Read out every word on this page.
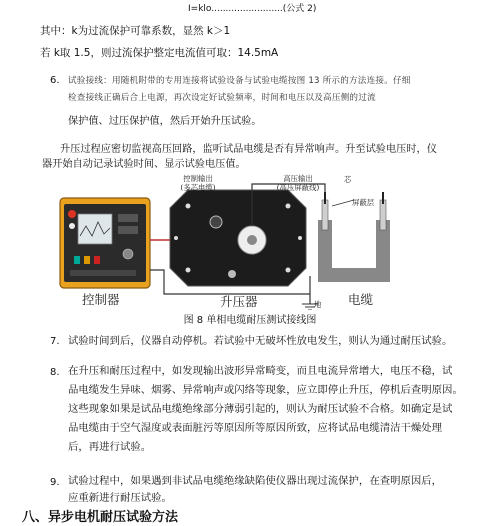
I=klo.........................(公式 2)
其中：k为过流保护可靠系数，显然 k＞1
若 k取 1.5，则过流保护整定电流值可取：14.5mA
6. 试验接线：用随机附带的专用连接将试验设备与试验电缆按图 13 所示的方法连接。仔细
检查接线正确后合上电源，再次设定好试验频率，时间和电压以及高压侧的过流
保护值、过压保护值，然后开始升压试验。
升压过程应密切监视高压回路，监听试品电缆是否有异常响声。升至试验电压时，仪
器开始自动记录试验时间、显示试验电压值。
控制输出
(多芯电缆)
高压输出
(高压屏蔽线)
芯
屏蔽层
地
控制器	升压器	电缆
图 8 单相电缆耐压测试接线图
7. 试验时间到后，仪器自动停机。若试验中无破坏性放电发生，则认为通过耐压试验。
8. 在升压和耐压过程中，如发现输出波形异常畸变，而且电流异常增大，电压不稳，试
品电缆发生异味、烟雾、异常响声或闪络等现象，应立即停止升压，停机后查明原因。
这些现象如果是试品电缆绝缘部分薄弱引起的，则认为耐压试验不合格。如确定是试
品电缆由于空气湿度或表面脏污等原因所等原因所致，应将试品电缆清洁干燥处理
后，再进行试验。
9. 试验过程中，如果遇到非试品电缆绝缘缺陷使仪器出现过流保护，在查明原因后，
应重新进行耐压试验。
八、异步电机耐压试验方法
